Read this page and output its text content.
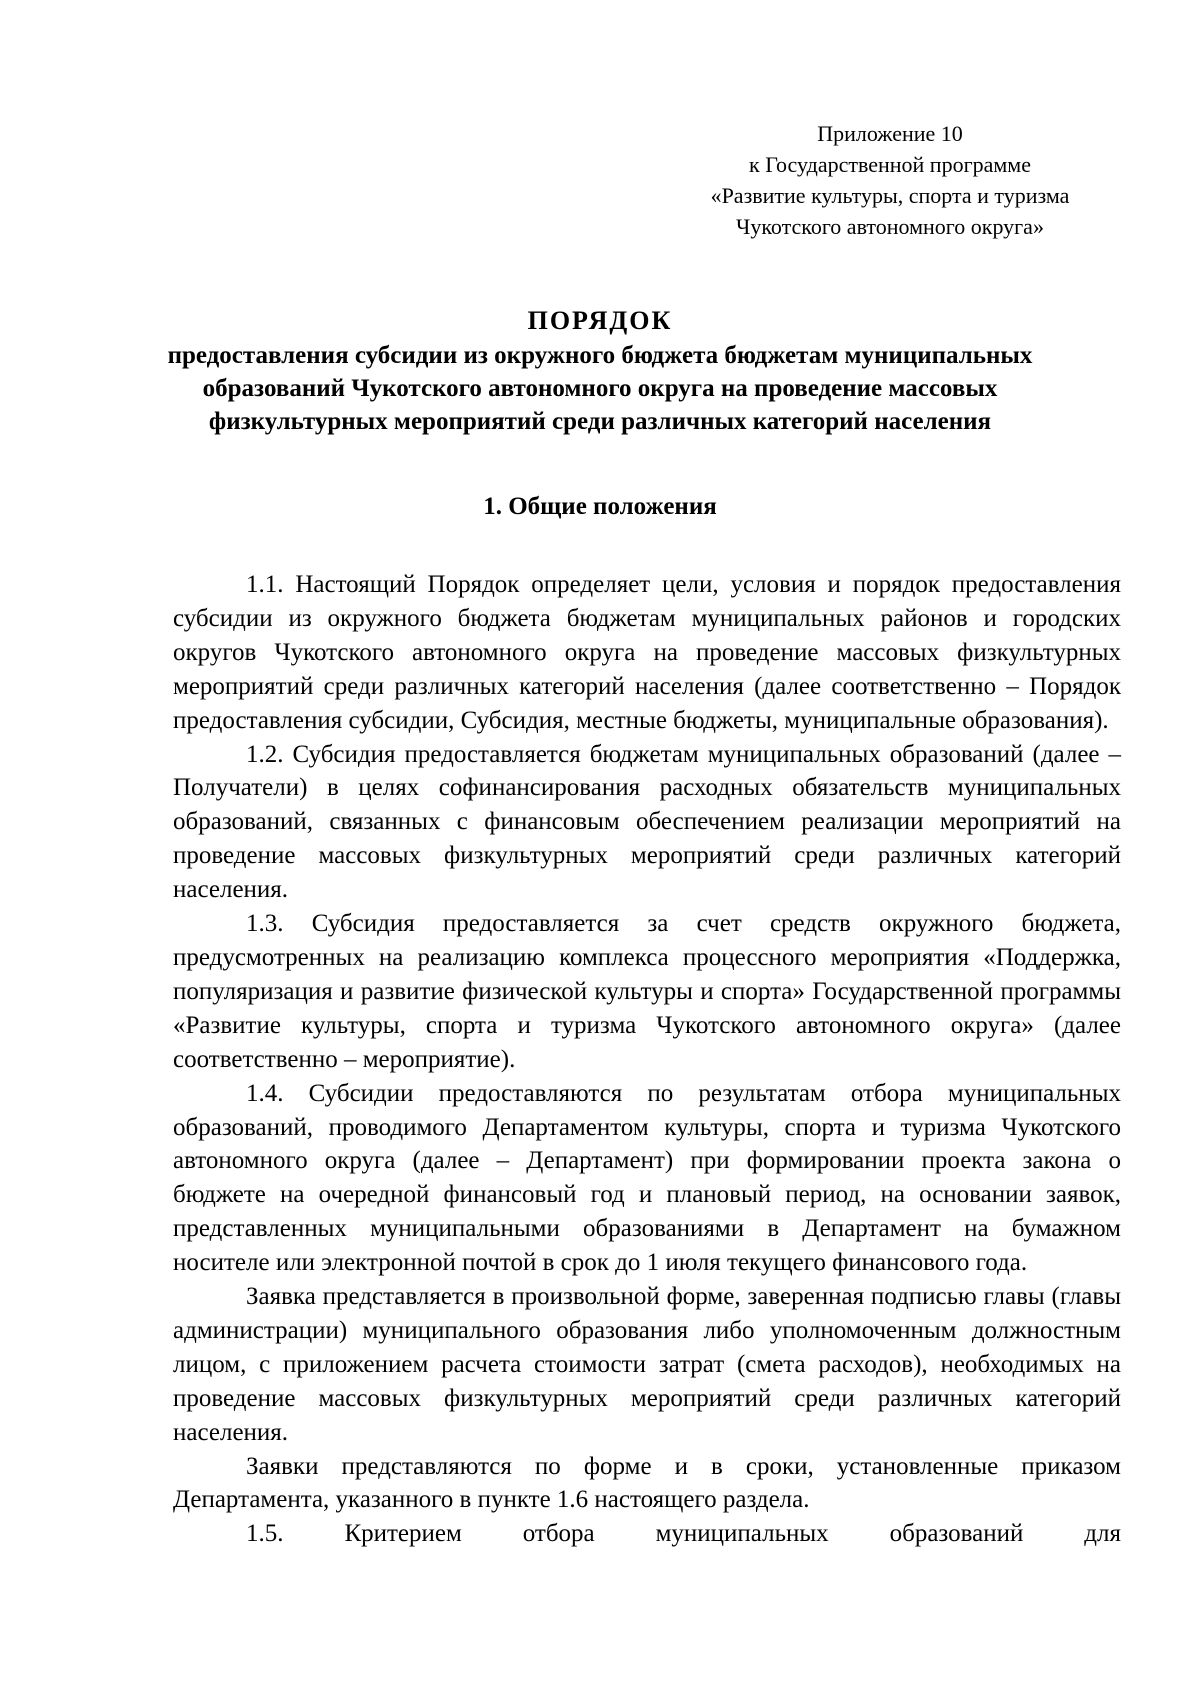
Приложение 10
к Государственной программе
«Развитие культуры, спорта и туризма
Чукотского автономного округа»
ПОРЯДОК
предоставления субсидии из окружного бюджета бюджетам муниципальных образований Чукотского автономного округа на проведение массовых физкультурных мероприятий среди различных категорий населения
1. Общие положения

1.1. Настоящий Порядок определяет цели, условия и порядок предоставления субсидии из окружного бюджета бюджетам муниципальных районов и городских округов Чукотского автономного округа на проведение массовых физкультурных мероприятий среди различных категорий населения (далее соответственно – Порядок предоставления субсидии, Субсидия, местные бюджеты, муниципальные образования).

1.2. Субсидия предоставляется бюджетам муниципальных образований (далее – Получатели) в целях софинансирования расходных обязательств муниципальных образований, связанных с финансовым обеспечением реализации мероприятий на проведение массовых физкультурных мероприятий среди различных категорий населения.

1.3. Субсидия предоставляется за счет средств окружного бюджета, предусмотренных на реализацию комплекса процессного мероприятия «Поддержка, популяризация и развитие физической культуры и спорта» Государственной программы «Развитие культуры, спорта и туризма Чукотского автономного округа» (далее соответственно – мероприятие).

1.4. Субсидии предоставляются по результатам отбора муниципальных образований, проводимого Департаментом культуры, спорта и туризма Чукотского автономного округа (далее – Департамент) при формировании проекта закона о бюджете на очередной финансовый год и плановый период, на основании заявок, представленных муниципальными образованиями в Департамент на бумажном носителе или электронной почтой в срок до 1 июля текущего финансового года.

Заявка представляется в произвольной форме, заверенная подписью главы (главы администрации) муниципального образования либо уполномоченным должностным лицом, с приложением расчета стоимости затрат (смета расходов), необходимых на проведение массовых физкультурных мероприятий среди различных категорий населения.

Заявки представляются по форме и в сроки, установленные приказом Департамента, указанного в пункте 1.6 настоящего раздела.

1.5. Критерием отбора муниципальных образований для
